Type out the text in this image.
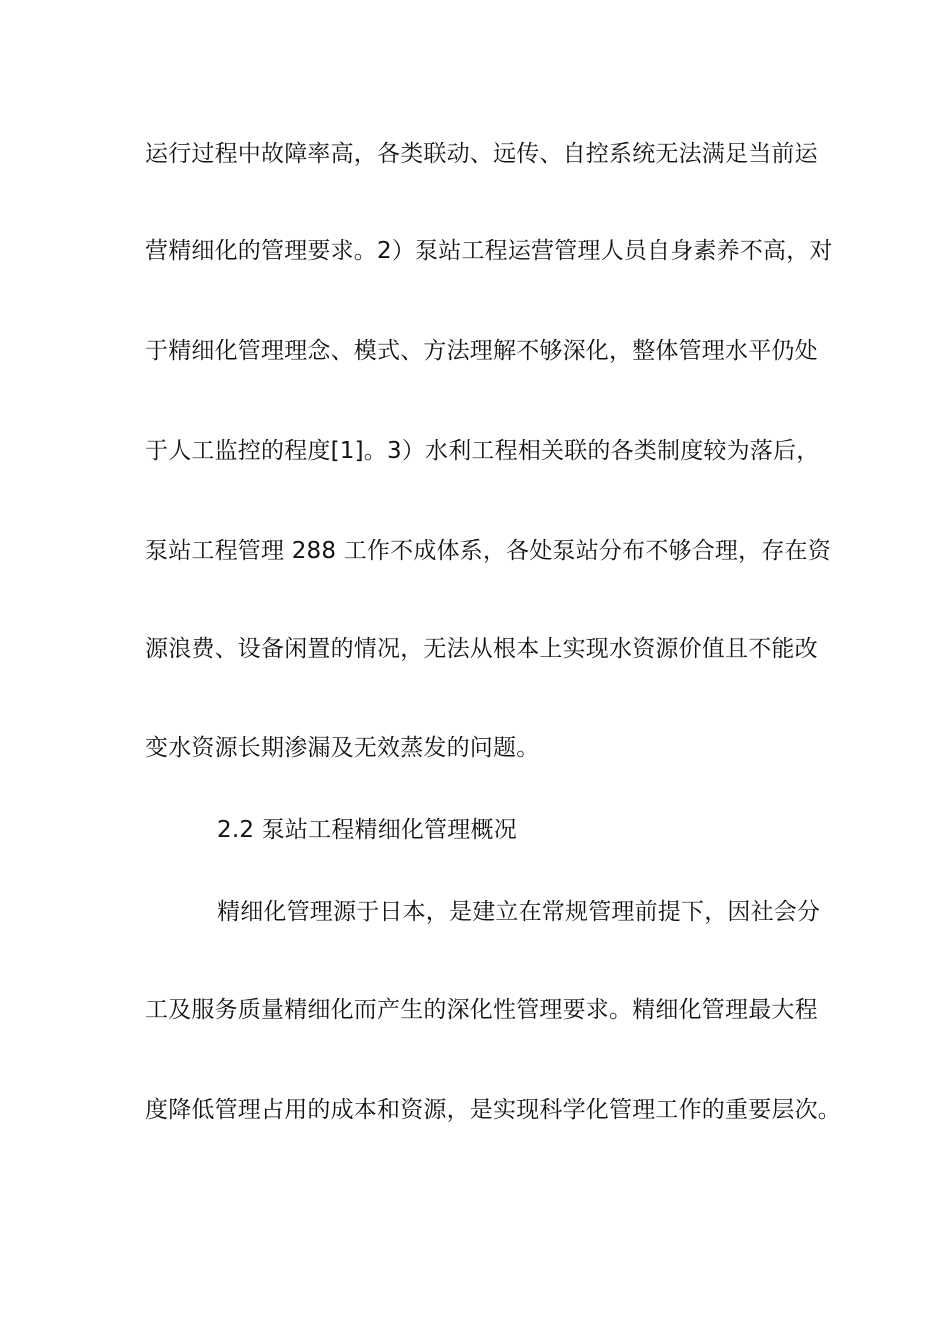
运行过程中故障率高，各类联动、远传、自控系统无法满足当前运
营精细化的管理要求。2）泵站工程运营管理人员自身素养不高，对
于精细化管理理念、模式、方法理解不够深化，整体管理水平仍处
于人工监控的程度[1]。3）水利工程相关联的各类制度较为落后，
泵站工程管理 288 工作不成体系，各处泵站分布不够合理，存在资
源浪费、设备闲置的情况，无法从根本上实现水资源价值且不能改
变水资源长期渗漏及无效蒸发的问题。
2.2 泵站工程精细化管理概况
精细化管理源于日本，是建立在常规管理前提下，因社会分
工及服务质量精细化而产生的深化性管理要求。精细化管理最大程
度降低管理占用的成本和资源，是实现科学化管理工作的重要层次。
